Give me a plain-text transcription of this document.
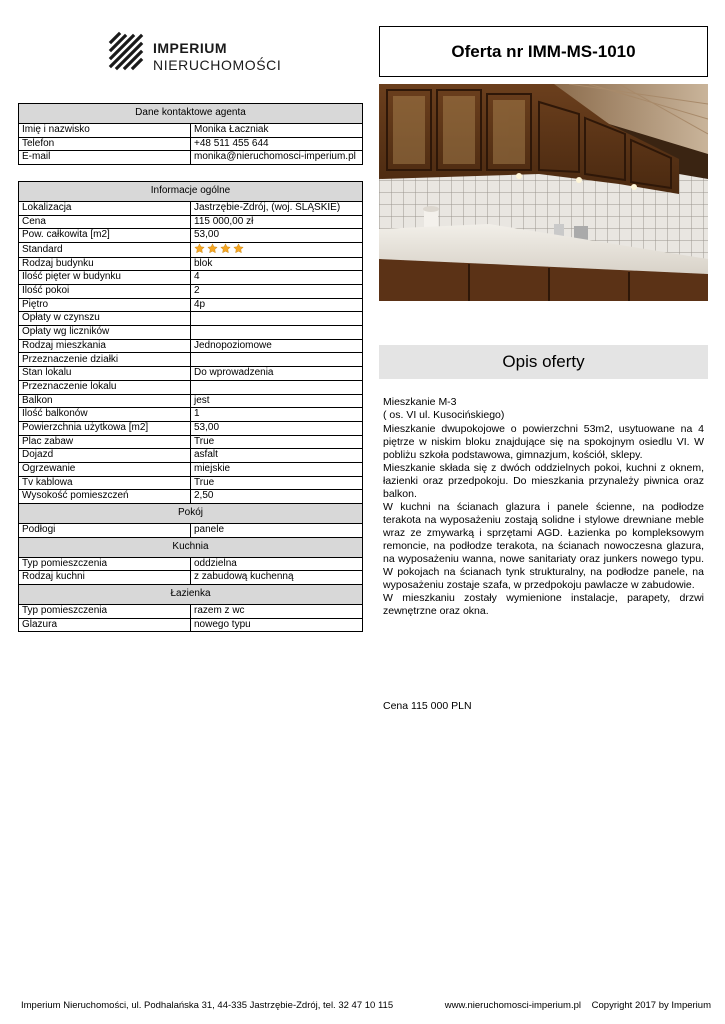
IMPERIUM
NIERUCHOMOŚCI
Oferta nr IMM-MS-1010
Dane kontaktowe agenta	
Imię i nazwisko	Monika Łaczniak
Telefon	+48 511 455 644
E-mail	monika@nieruchomosci-imperium.pl
Informacje ogólne	
Lokalizacja	Jastrzębie-Zdrój, (woj. ŚLĄSKIE)
Cena	115 000,00 zł
Pow. całkowita [m2]	53,00
Standard	
Rodzaj budynku	blok
Ilość pięter w budynku	4
Ilość pokoi	2
Piętro	4p
Opłaty w czynszu	
Opłaty wg liczników	
Rodzaj mieszkania	Jednopoziomowe
Przeznaczenie działki	
Stan lokalu	Do wprowadzenia
Przeznaczenie lokalu	
Balkon	jest
Ilość balkonów	1
Powierzchnia użytkowa [m2]	53,00
Plac zabaw	True
Dojazd	asfalt
Ogrzewanie	miejskie
Tv kablowa	True
Wysokość pomieszczeń	2,50
Pokój	
Podłogi	panele
Kuchnia	
Typ pomieszczenia	oddzielna
Rodzaj kuchni	z zabudową kuchenną
Łazienka	
Typ pomieszczenia	razem z wc
Glazura	nowego typu
Opis oferty
Mieszkanie M-3
( os. VI ul. Kusocińskiego)

Mieszkanie dwupokojowe o powierzchni 53m2, usytuowane na 4 piętrze w niskim bloku znajdujące się na spokojnym osiedlu VI. W pobliżu szkoła podstawowa, gimnazjum, kościół, sklepy.

Mieszkanie składa się z dwóch oddzielnych pokoi, kuchni z oknem, łazienki oraz przedpokoju. Do mieszkania przynależy piwnica oraz balkon.

W kuchni na ścianach glazura i panele ścienne, na podłodze terakota na wyposażeniu zostają solidne i stylowe drewniane meble wraz ze zmywarką i sprzętami AGD. Łazienka po kompleksowym remoncie, na podłodze terakota, na ścianach nowoczesna glazura, na wyposażeniu wanna, nowe sanitariaty oraz junkers nowego typu. W pokojach na ścianach tynk strukturalny, na podłodze panele, na wyposażeniu zostaje szafa, w przedpokoju pawlacze w zabudowie.

W mieszkaniu zostały wymienione instalacje, parapety, drzwi zewnętrzne oraz okna.

Cena 115 000 PLN
Imperium Nieruchomości, ul. Podhalańska 31, 44-335 Jastrzębie-Zdrój, tel. 32 47 10 115	www.nieruchomosci-imperium.pl Copyright 2017 by Imperium
